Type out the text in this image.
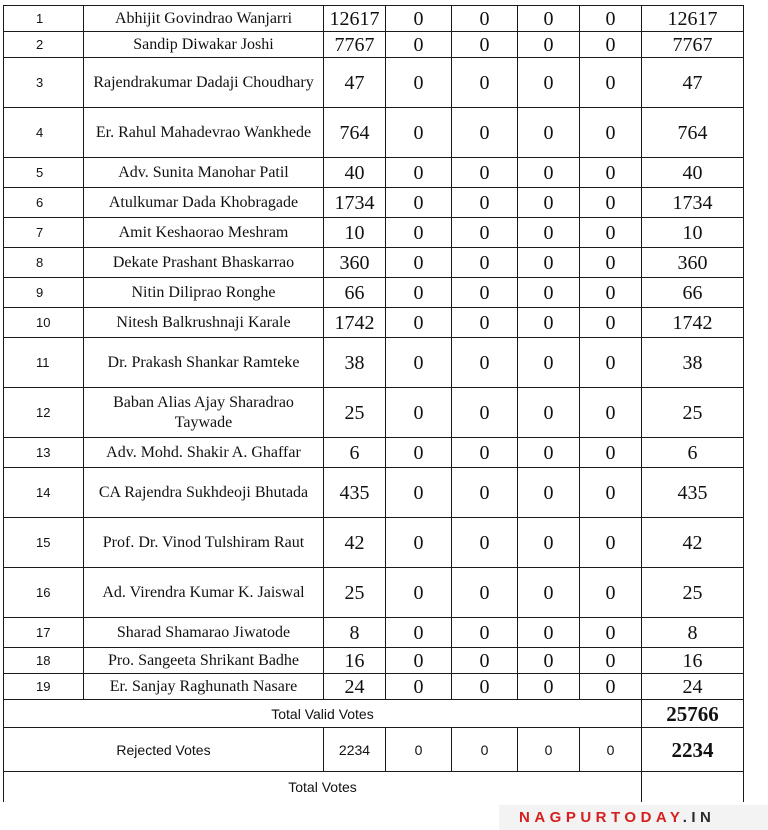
1	Abhijit Govindrao Wanjarri	12617	0	0	0	0	12617
2	Sandip Diwakar Joshi	7767	0	0	0	0	7767
3	Rajendrakumar Dadaji Choudhary	47	0	0	0	0	47
4	Er. Rahul Mahadevrao Wankhede	764	0	0	0	0	764
5	Adv. Sunita Manohar Patil	40	0	0	0	0	40
6	Atulkumar Dada Khobragade	1734	0	0	0	0	1734
7	Amit Keshaorao Meshram	10	0	0	0	0	10
8	Dekate Prashant Bhaskarrao	360	0	0	0	0	360
9	Nitin Diliprao Ronghe	66	0	0	0	0	66
10	Nitesh Balkrushnaji Karale	1742	0	0	0	0	1742
11	Dr. Prakash Shankar Ramteke	38	0	0	0	0	38
12	Baban Alias Ajay Sharadrao Taywade	25	0	0	0	0	25
13	Adv. Mohd. Shakir A. Ghaffar	6	0	0	0	0	6
14	CA Rajendra Sukhdeoji Bhutada	435	0	0	0	0	435
15	Prof. Dr. Vinod Tulshiram Raut	42	0	0	0	0	42
16	Ad. Virendra Kumar K. Jaiswal	25	0	0	0	0	25
17	Sharad Shamarao Jiwatode	8	0	0	0	0	8
18	Pro. Sangeeta Shrikant Badhe	16	0	0	0	0	16
19	Er. Sanjay Raghunath Nasare	24	0	0	0	0	24
Total Valid Votes							25766
Rejected Votes		2234	0	0	0	0	2234
Total Votes							
NAGPURTODAY.IN
